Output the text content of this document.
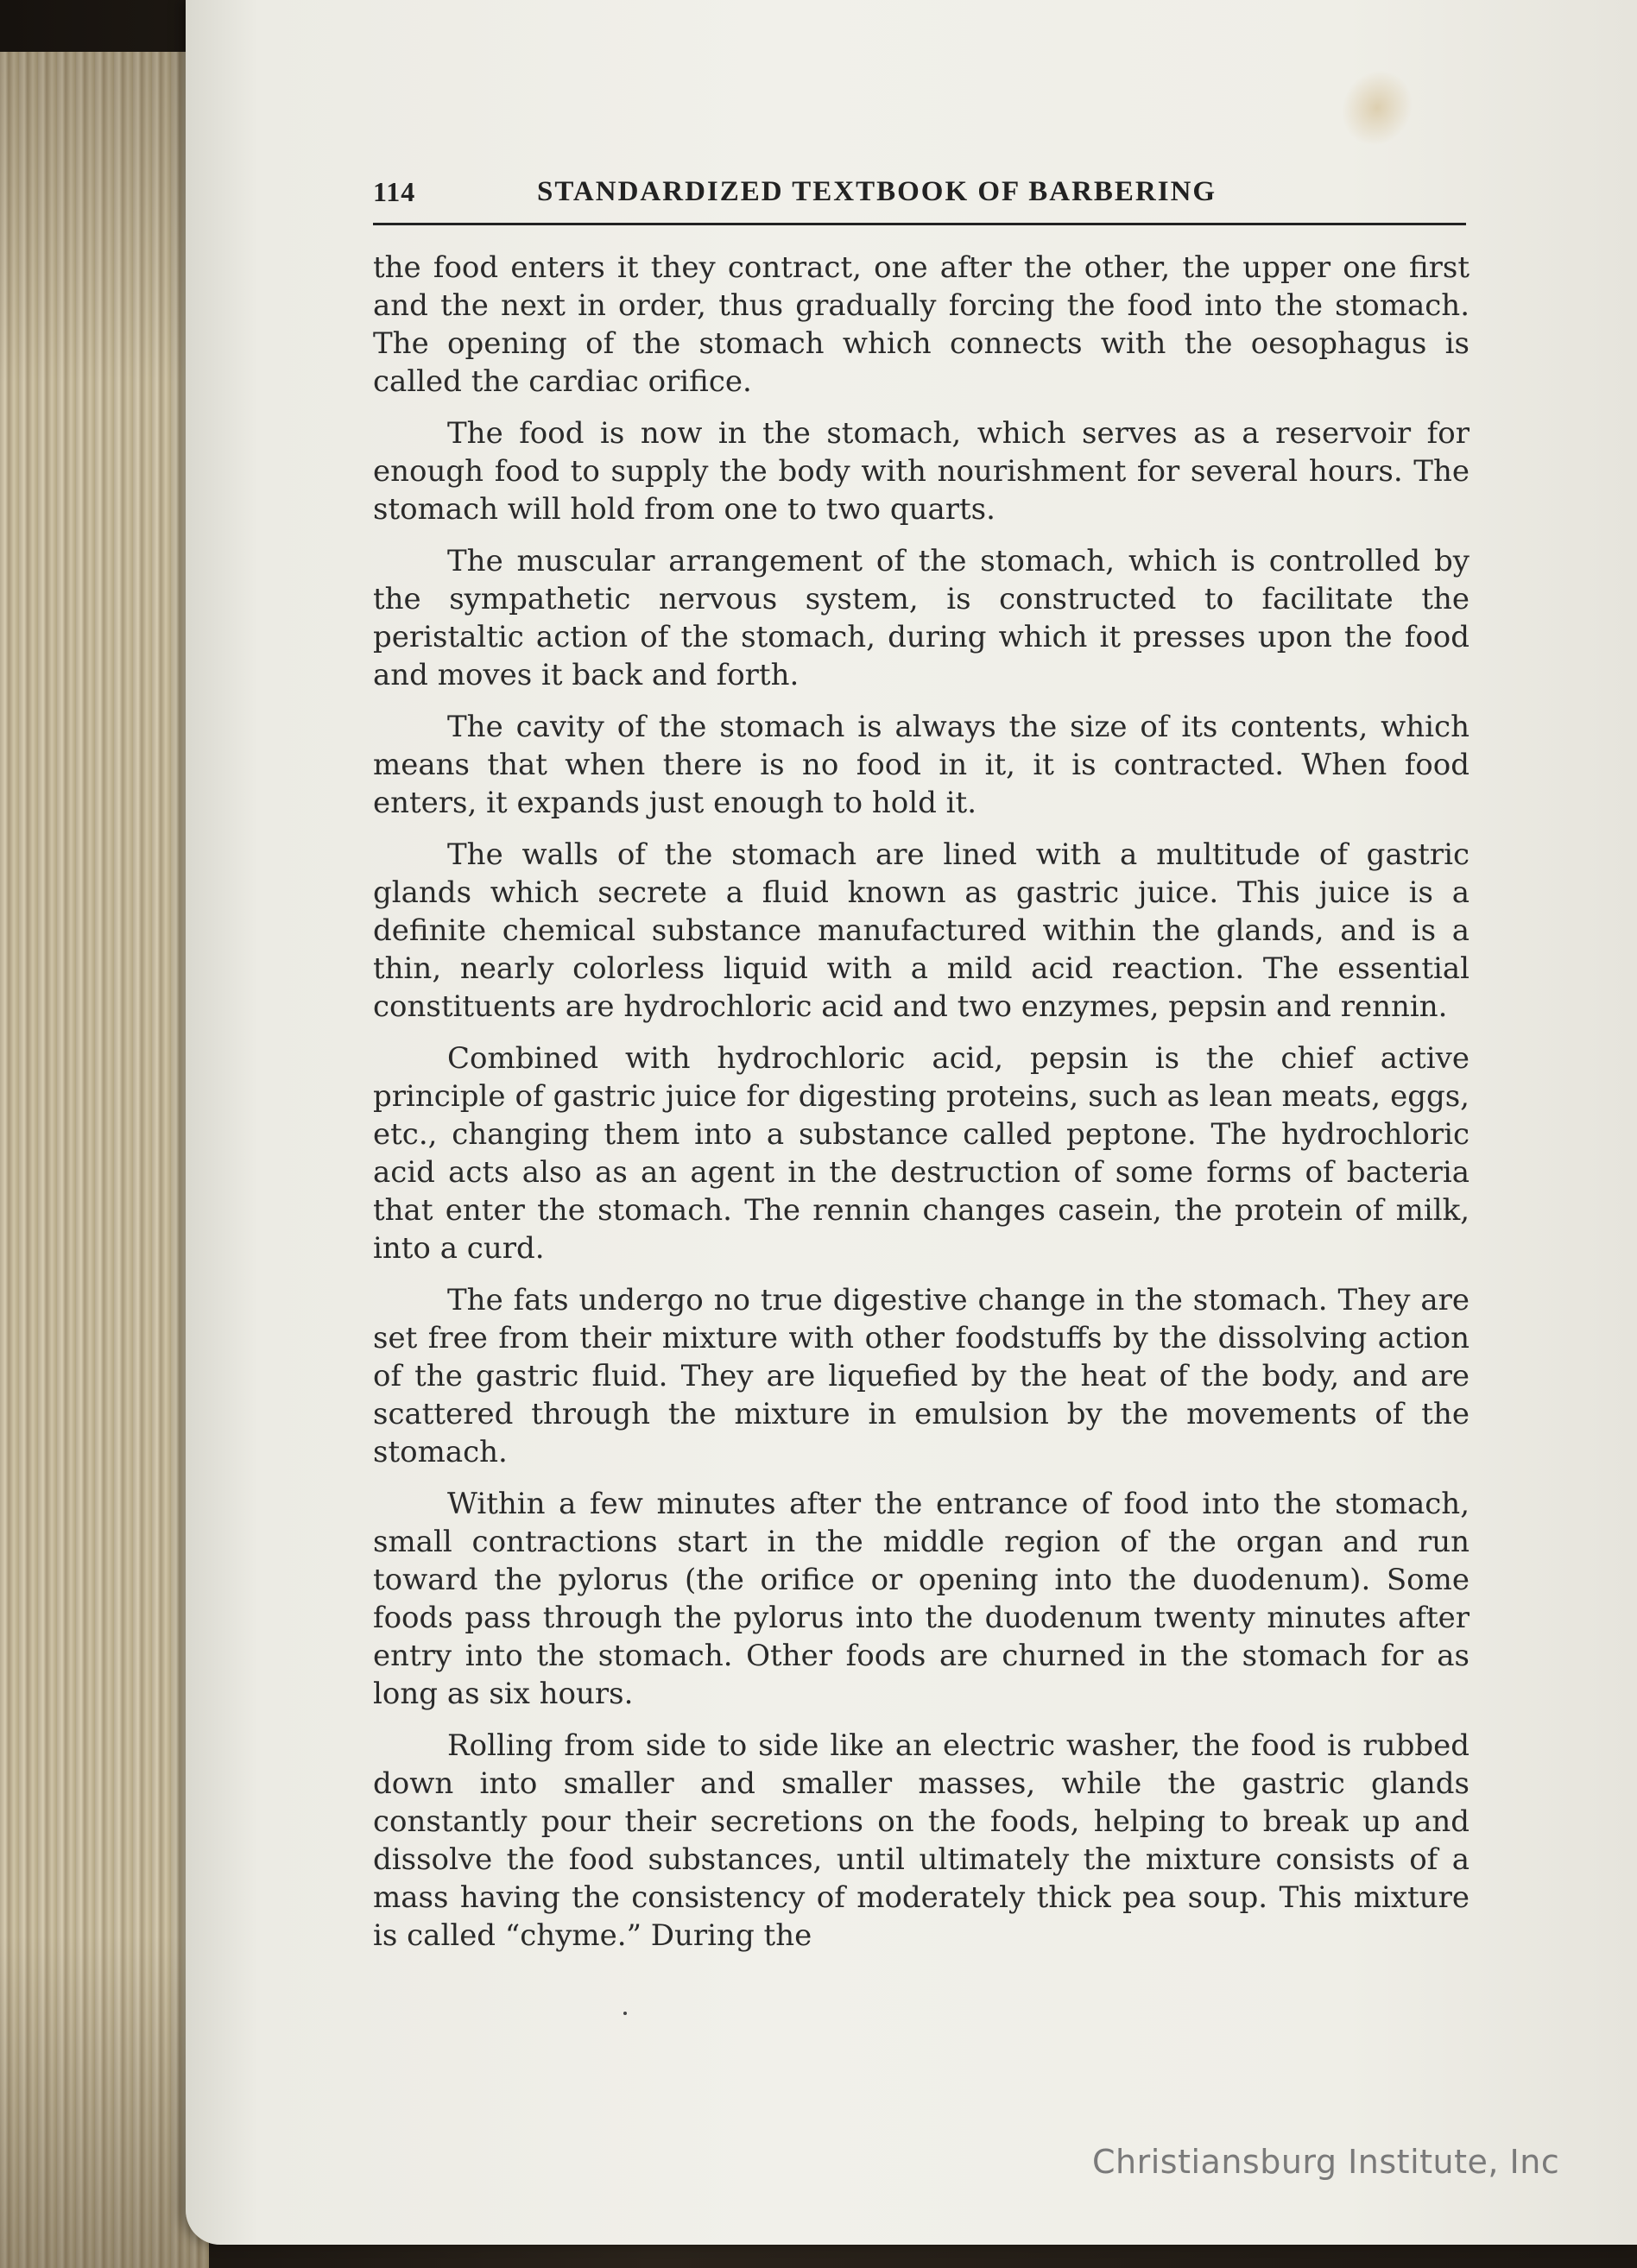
114	STANDARDIZED TEXTBOOK OF BARBERING

the food enters it they contract, one after the other, the upper one first and the next in order, thus gradually forcing the food into the stomach. The opening of the stomach which connects with the oesophagus is called the cardiac orifice.

The food is now in the stomach, which serves as a reservoir for enough food to supply the body with nourishment for several hours. The stomach will hold from one to two quarts.

The muscular arrangement of the stomach, which is controlled by the sympathetic nervous system, is constructed to facilitate the peristaltic action of the stomach, during which it presses upon the food and moves it back and forth.

The cavity of the stomach is always the size of its contents, which means that when there is no food in it, it is contracted. When food enters, it expands just enough to hold it.

The walls of the stomach are lined with a multitude of gastric glands which secrete a fluid known as gastric juice. This juice is a definite chemical substance manufactured within the glands, and is a thin, nearly colorless liquid with a mild acid reaction. The essential constituents are hydrochloric acid and two enzymes, pepsin and rennin.

Combined with hydrochloric acid, pepsin is the chief active principle of gastric juice for digesting proteins, such as lean meats, eggs, etc., changing them into a substance called peptone. The hydrochloric acid acts also as an agent in the destruction of some forms of bacteria that enter the stomach. The rennin changes casein, the protein of milk, into a curd.

The fats undergo no true digestive change in the stomach. They are set free from their mixture with other foodstuffs by the dissolving action of the gastric fluid. They are liquefied by the heat of the body, and are scattered through the mixture in emulsion by the movements of the stomach.

Within a few minutes after the entrance of food into the stomach, small contractions start in the middle region of the organ and run toward the pylorus (the orifice or opening into the duodenum). Some foods pass through the pylorus into the duodenum twenty minutes after entry into the stomach. Other foods are churned in the stomach for as long as six hours.

Rolling from side to side like an electric washer, the food is rubbed down into smaller and smaller masses, while the gastric glands constantly pour their secretions on the foods, helping to break up and dissolve the food substances, until ultimately the mixture consists of a mass having the consistency of moderately thick pea soup. This mixture is called “chyme.” During the

Christiansburg Institute, Inc
